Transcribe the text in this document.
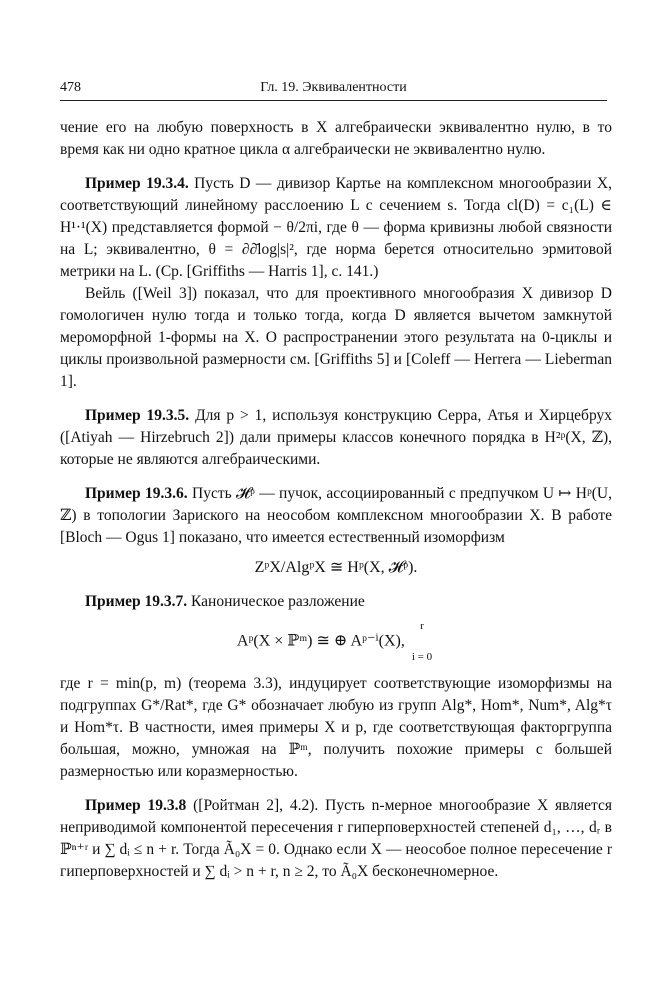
478	Гл. 19. Эквивалентности

чение его на любую поверхность в X алгебраически эквивалентно нулю, в то время как ни одно кратное цикла α алгебраически не эквивалентно нулю.

Пример 19.3.4. Пусть D — дивизор Картье на комплексном многообразии X, соответствующий линейному расслоению L с сечением s. Тогда cl(D) = c₁(L) ∈ H¹·¹(X) представляется формой − θ/2πi, где θ — форма кривизны любой связности на L; эквивалентно, θ = ∂∂̄log|s|², где норма берется относительно эрмитовой метрики на L. (Ср. [Griffiths — Harris 1], с. 141.)

Вейль ([Weil 3]) показал, что для проективного многообразия X дивизор D гомологичен нулю тогда и только тогда, когда D является вычетом замкнутой мероморфной 1-формы на X. О распространении этого результата на 0-циклы и циклы произвольной размерности см. [Griffiths 5] и [Coleff — Herrera — Lieberman 1].

Пример 19.3.5. Для p > 1, используя конструкцию Серра, Атья и Хирцебрух ([Atiyah — Hirzebruch 2]) дали примеры классов конечного порядка в H²ᵖ(X, ℤ), которые не являются алгебраическими.

Пример 19.3.6. Пусть 𝓗ᵖ — пучок, ассоциированный с предпучком U ↦ Hᵖ(U, ℤ) в топологии Зариского на неособом комплексном многообразии X. В работе [Bloch — Ogus 1] показано, что имеется естественный изоморфизм

ZᵖX/AlgᵖX ≅ Hᵖ(X, 𝓗ᵖ).

Пример 19.3.7. Каноническое разложение

Aᵖ(X × ℙᵐ) ≅ ⊕ Aᵖ⁻ⁱ(X), r

i = 0

где r = min(p, m) (теорема 3.3), индуцирует соответствующие изоморфизмы на подгруппах G*/Rat*, где G* обозначает любую из групп Alg*, Hom*, Num*, Alg*τ и Hom*τ. В частности, имея примеры X и p, где соответствующая факторгруппа большая, можно, умножая на ℙᵐ, получить похожие примеры с большей размерностью или коразмерностью.

Пример 19.3.8 ([Ройтман 2], 4.2). Пусть n-мерное многообразие X является неприводимой компонентой пересечения r гиперповерхностей степеней d₁, …, dᵣ в ℙⁿ⁺ʳ и ∑ dᵢ ≤ n + r. Тогда Ã₀X = 0. Однако если X — неособое полное пересечение r гиперповерхностей и ∑ dᵢ > n + r, n ≥ 2, то Ã₀X бесконечномерное.
